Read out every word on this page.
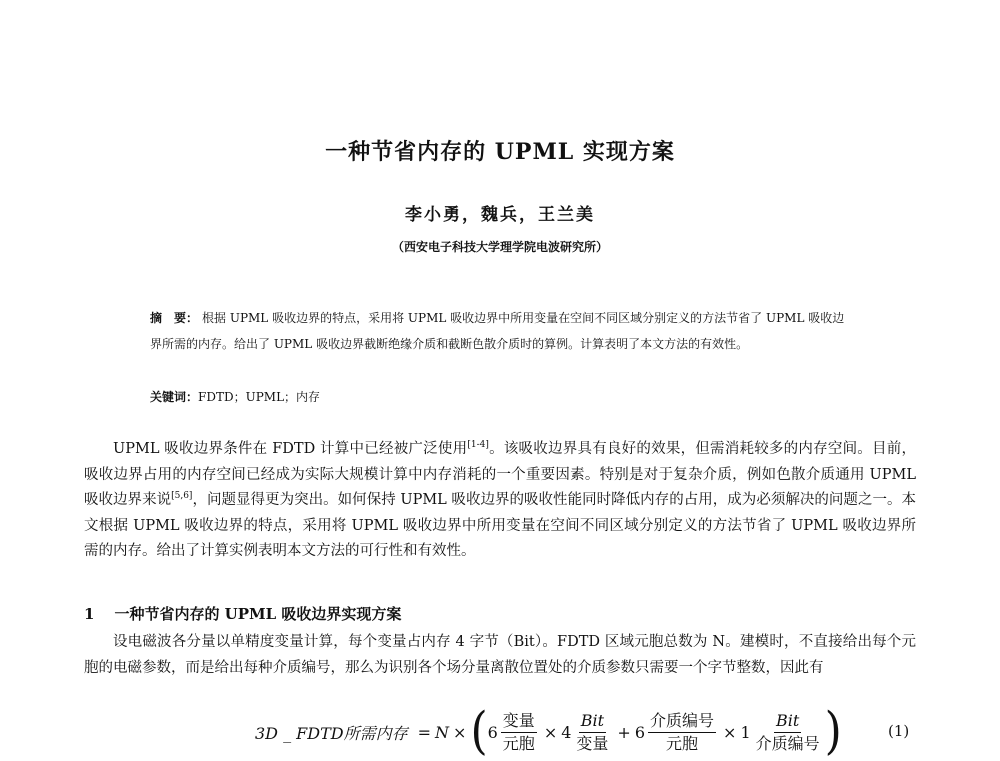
一种节省内存的 UPML 实现方案
李小勇，魏兵，王兰美
（西安电子科技大学理学院电波研究所）
摘　要： 根据 UPML 吸收边界的特点，采用将 UPML 吸收边界中所用变量在空间不同区域分别定义的方法节省了 UPML 吸收边界所需的内存。给出了 UPML 吸收边界截断绝缘介质和截断色散介质时的算例。计算表明了本文方法的有效性。
关键词：FDTD；UPML；内存
UPML 吸收边界条件在 FDTD 计算中已经被广泛使用[1-4]。该吸收边界具有良好的效果，但需消耗较多的内存空间。目前，吸收边界占用的内存空间已经成为实际大规模计算中内存消耗的一个重要因素。特别是对于复杂介质，例如色散介质通用 UPML 吸收边界来说[5,6]，问题显得更为突出。如何保持 UPML 吸收边界的吸收性能同时降低内存的占用，成为必须解决的问题之一。本文根据 UPML 吸收边界的特点，采用将 UPML 吸收边界中所用变量在空间不同区域分别定义的方法节省了 UPML 吸收边界所需的内存。给出了计算实例表明本文方法的可行性和有效性。
1 一种节省内存的 UPML 吸收边界实现方案
设电磁波各分量以单精度变量计算，每个变量占内存 4 字节（Bit）。FDTD 区域元胞总数为 N。建模时，不直接给出每个元胞的电磁参数，而是给出每种介质编号，那么为识别各个场分量离散位置处的介质参数只需要一个字节整数，因此有
3D _ FDTD所需内存 = N × ( $6 \frac{\text{变量}}{\text{元胞}} \times 4 \frac{\text{Bit}}{\text{变量}} + 6 \frac{\text{介质编号}}{\text{元胞}} \times 1 \frac{\text{Bit}}{\text{介质编号}}$ )	(1)
